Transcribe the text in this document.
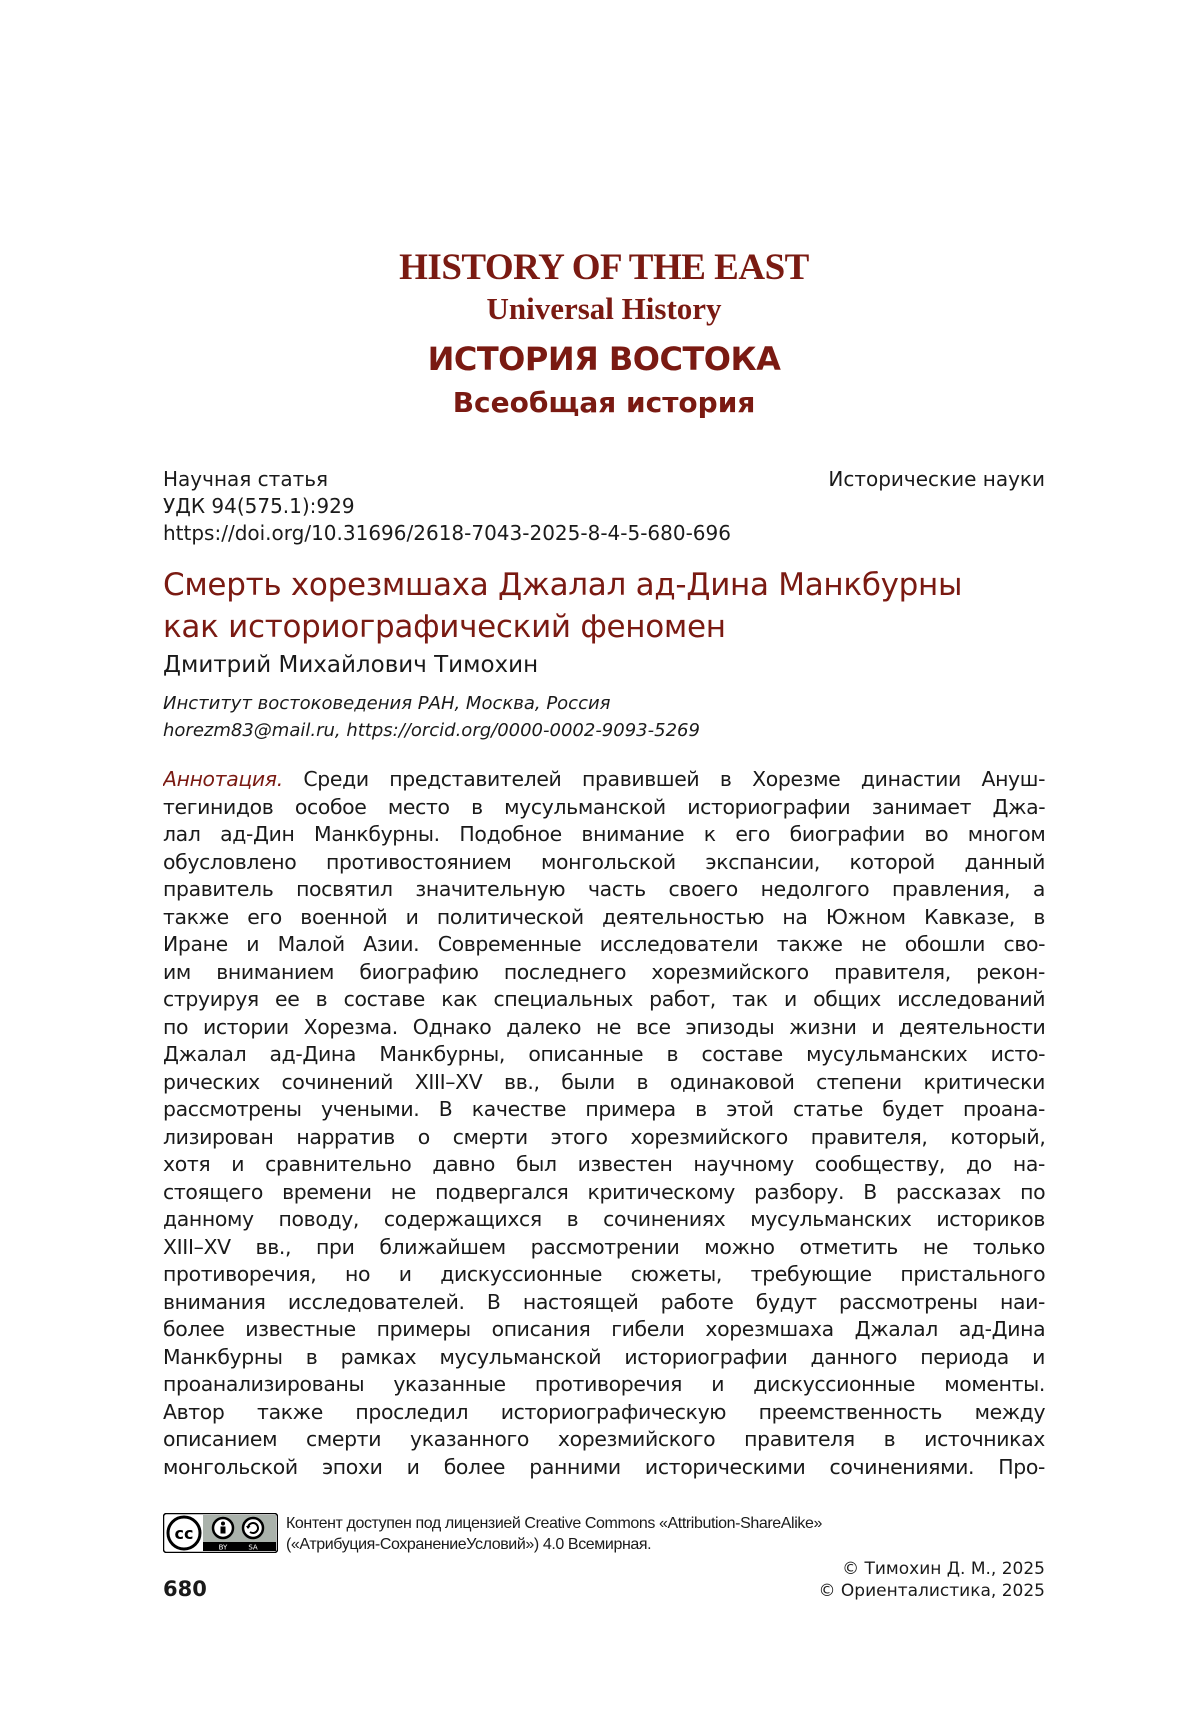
HISTORY OF THE EAST
Universal History
ИСТОРИЯ ВОСТОКА
Всеобщая история
Научная статья	Исторические науки
УДК 94(575.1):929
https://doi.org/10.31696/2618-7043-2025-8-4-5-680-696
Смерть хорезмшаха Джалал ад-Дина Манкбурны
как историографический феномен
Дмитрий Михайлович Тимохин
Институт востоковедения РАН, Москва, Россия
horezm83@mail.ru, https://orcid.org/0000-0002-9093-5269
Аннотация. Среди представителей правившей в Хорезме династии Ануш-
тегинидов особое место в мусульманской историографии занимает Джа-
лал ад-Дин Манкбурны. Подобное внимание к его биографии во многом
обусловлено противостоянием монгольской экспансии, которой данный
правитель посвятил значительную часть своего недолгого правления, а
также его военной и политической деятельностью на Южном Кавказе, в
Иране и Малой Азии. Современные исследователи также не обошли сво-
им вниманием биографию последнего хорезмийского правителя, рекон-
струируя ее в составе как специальных работ, так и общих исследований
по истории Хорезма. Однако далеко не все эпизоды жизни и деятельности
Джалал ад-Дина Манкбурны, описанные в составе мусульманских исто-
рических сочинений XIII–XV вв., были в одинаковой степени критически
рассмотрены учеными. В качестве примера в этой статье будет проана-
лизирован нарратив о смерти этого хорезмийского правителя, который,
хотя и сравнительно давно был известен научному сообществу, до на-
стоящего времени не подвергался критическому разбору. В рассказах по
данному поводу, содержащихся в сочинениях мусульманских историков
XIII–XV вв., при ближайшем рассмотрении можно отметить не только
противоречия, но и дискуссионные сюжеты, требующие пристального
внимания исследователей. В настоящей работе будут рассмотрены наи-
более известные примеры описания гибели хорезмшаха Джалал ад-Дина
Манкбурны в рамках мусульманской историографии данного периода и
проанализированы указанные противоречия и дискуссионные моменты.
Автор также проследил историографическую преемственность между
описанием смерти указанного хорезмийского правителя в источниках
монгольской эпохи и более ранними историческими сочинениями. Про-
cc
BY	SA
Контент доступен под лицензией Creative Commons «Attribution-ShareAlike»
(«Атрибуция-СохранениеУсловий») 4.0 Всемирная.
680
© Тимохин Д. М., 2025
© Ориенталистика, 2025
